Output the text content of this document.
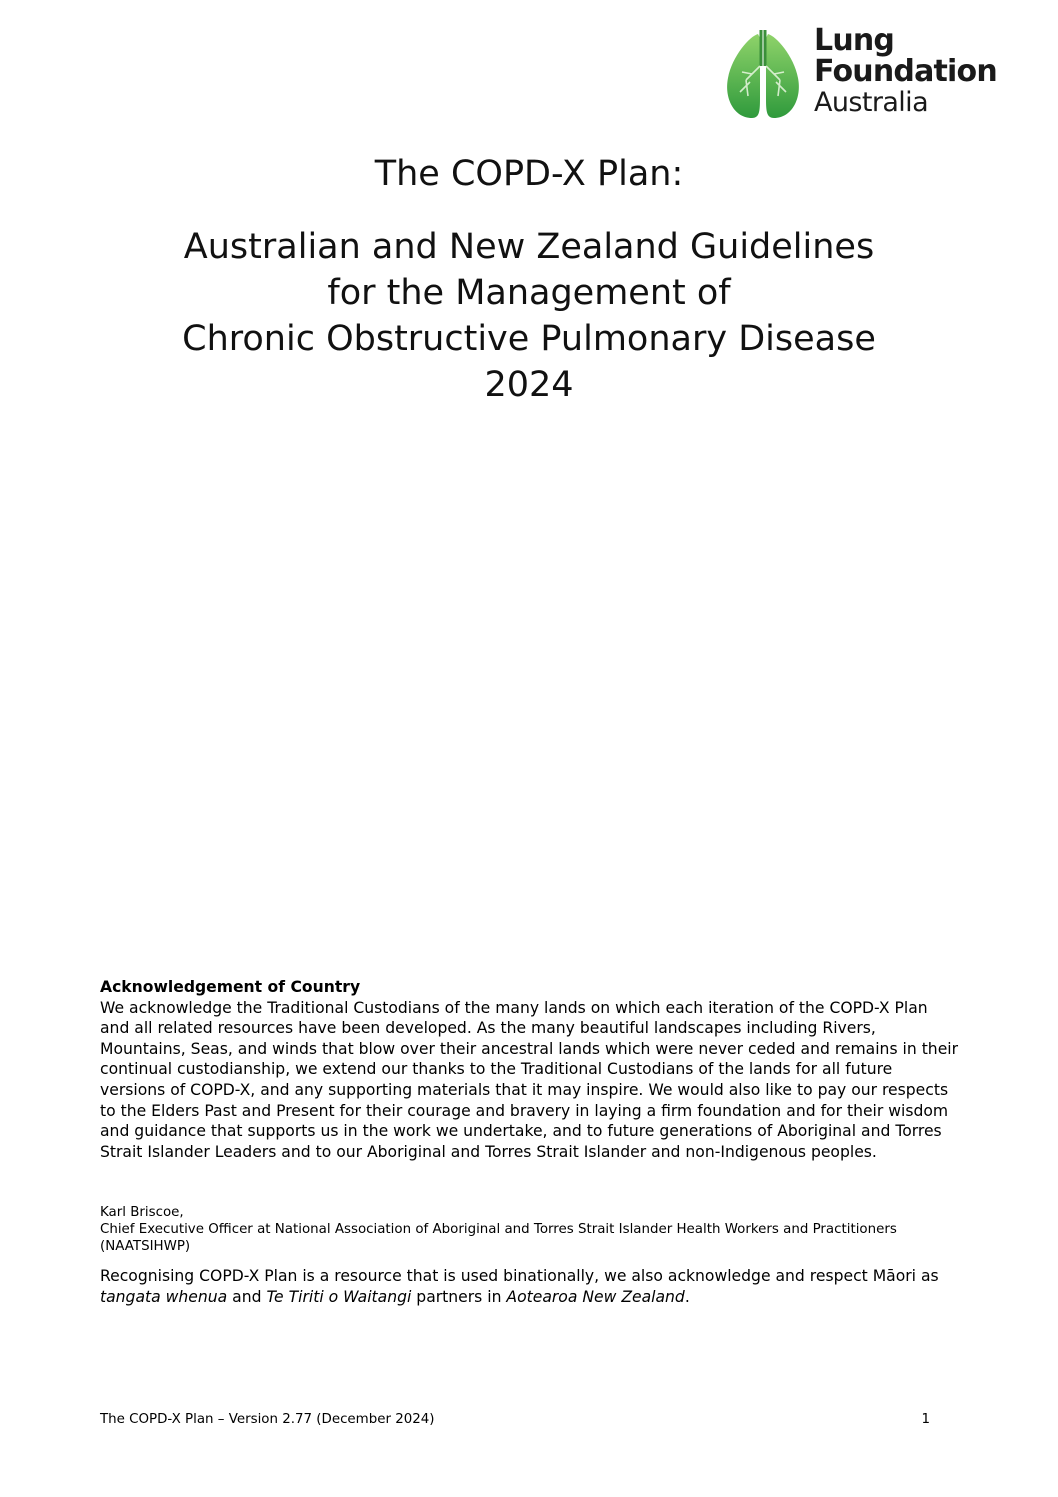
Lung
Foundation
Australia
The COPD-X Plan:
Australian and New Zealand Guidelines
for the Management of
Chronic Obstructive Pulmonary Disease
2024
Acknowledgement of Country

We acknowledge the Traditional Custodians of the many lands on which each iteration of the COPD-X Plan and all related resources have been developed. As the many beautiful landscapes including Rivers, Mountains, Seas, and winds that blow over their ancestral lands which were never ceded and remains in their continual custodianship, we extend our thanks to the Traditional Custodians of the lands for all future versions of COPD-X, and any supporting materials that it may inspire. We would also like to pay our respects to the Elders Past and Present for their courage and bravery in laying a firm foundation and for their wisdom and guidance that supports us in the work we undertake, and to future generations of Aboriginal and Torres Strait Islander Leaders and to our Aboriginal and Torres Strait Islander and non-Indigenous peoples.

Karl Briscoe,
Chief Executive Officer at National Association of Aboriginal and Torres Strait Islander Health Workers and Practitioners (NAATSIHWP)

Recognising COPD-X Plan is a resource that is used binationally, we also acknowledge and respect Māori as tangata whenua and Te Tiriti o Waitangi partners in Aotearoa New Zealand.

The COPD-X Plan – Version 2.77 (December 2024)	1
